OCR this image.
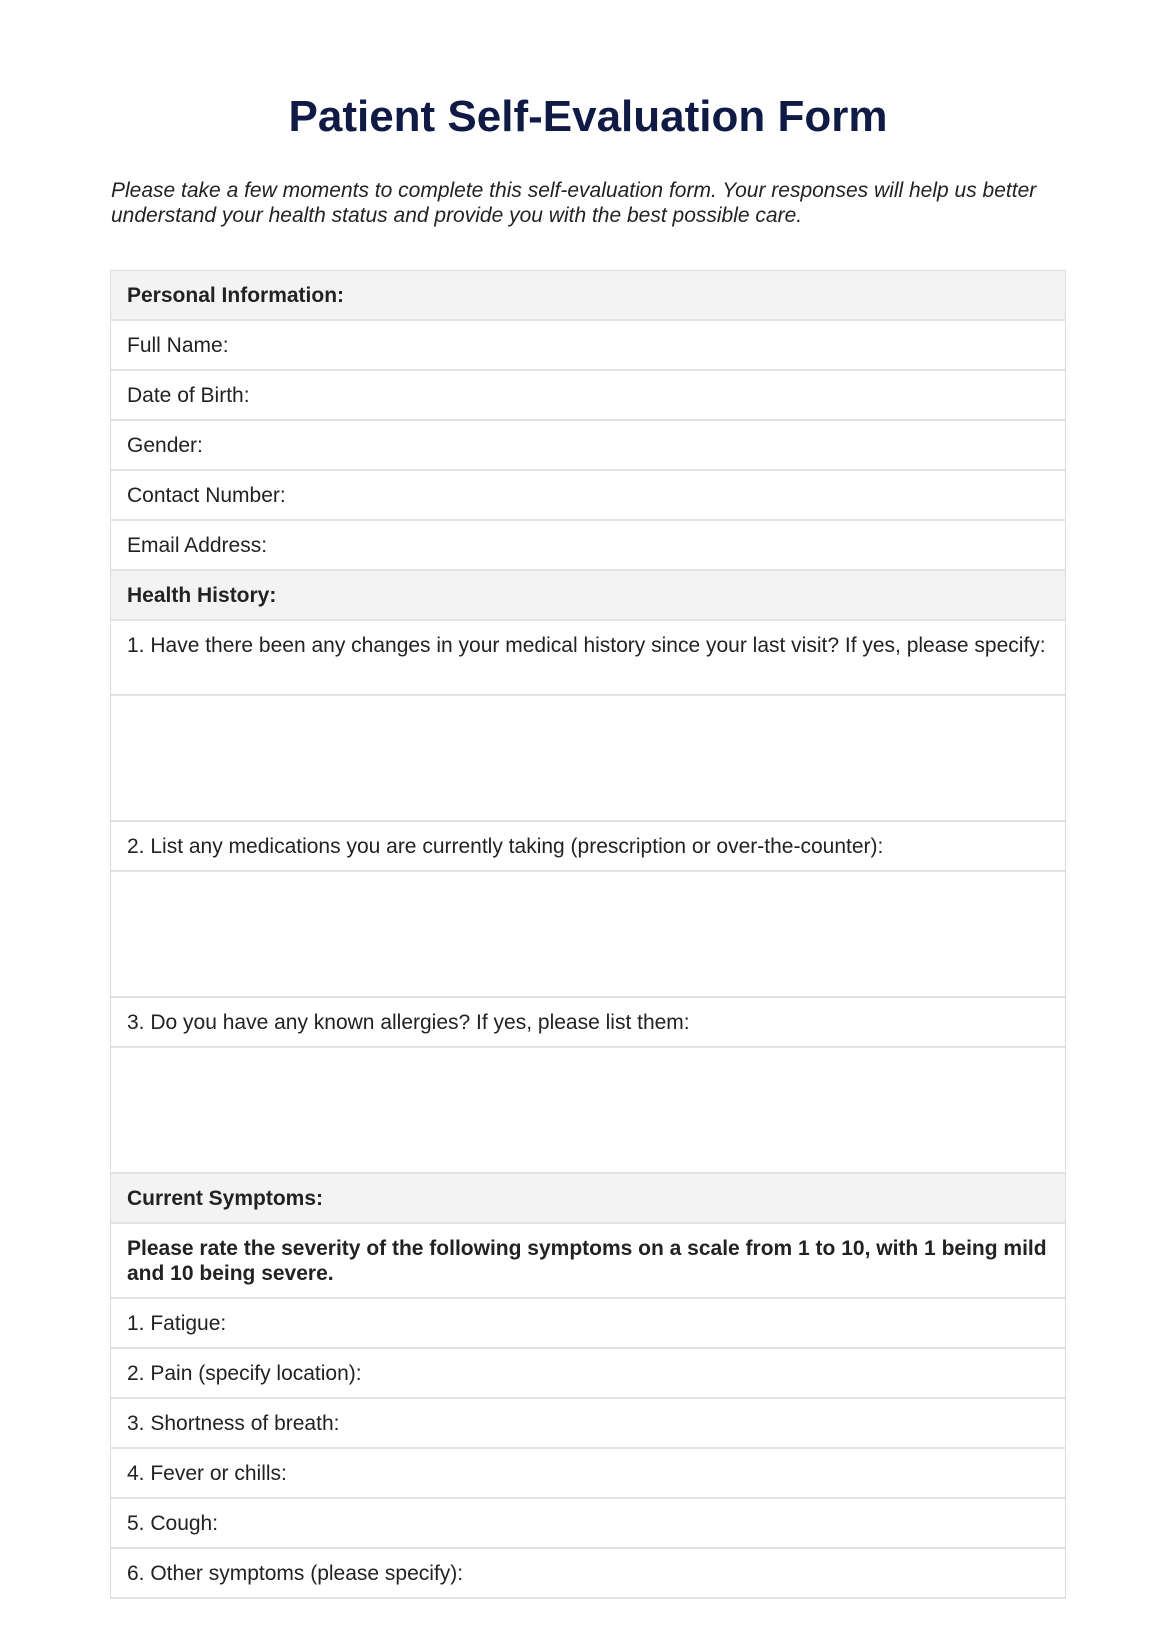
Patient Self-Evaluation Form

Please take a few moments to complete this self-evaluation form. Your responses will help us better understand your health status and provide you with the best possible care.

Personal Information:
Full Name:
Date of Birth:
Gender:
Contact Number:
Email Address:
Health History:
1. Have there been any changes in your medical history since your last visit? If yes, please specify:
2. List any medications you are currently taking (prescription or over-the-counter):
3. Do you have any known allergies? If yes, please list them:
Current Symptoms:
Please rate the severity of the following symptoms on a scale from 1 to 10, with 1 being mild and 10 being severe.
1. Fatigue:
2. Pain (specify location):
3. Shortness of breath:
4. Fever or chills:
5. Cough:
6. Other symptoms (please specify):
